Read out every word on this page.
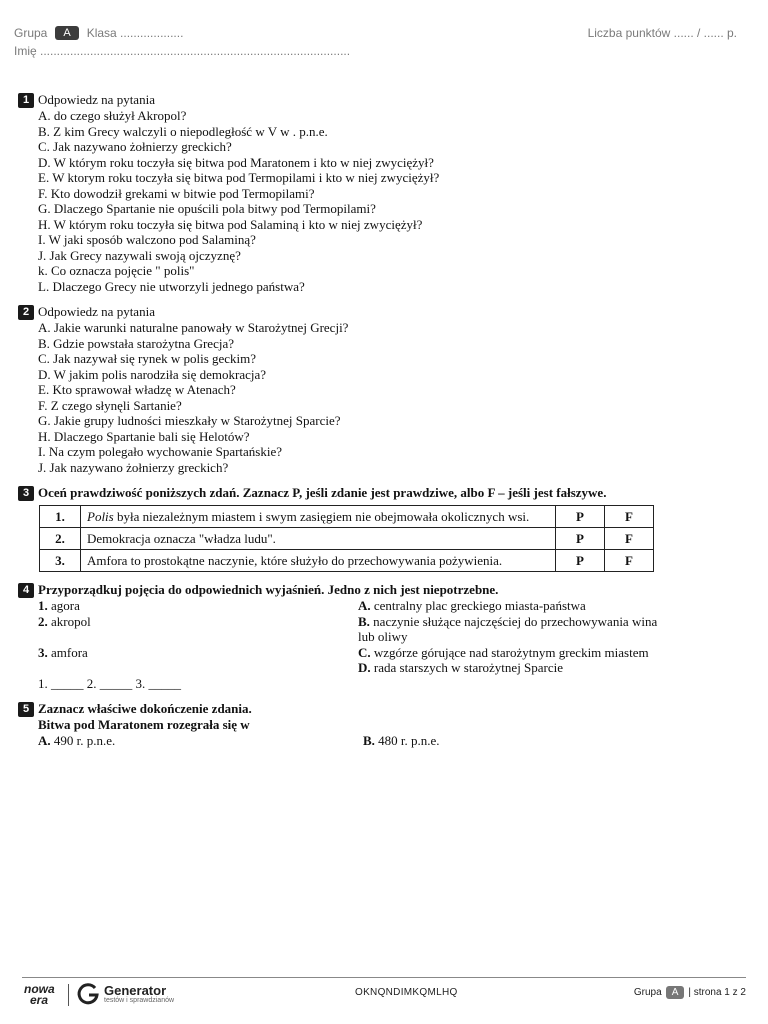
Grupa	A	Klasa ...................	Liczba punktów ...... / ...... p.
Imię .............................................................................................
1 Odpowiedz na pytania
A. do czego służył Akropol?
B. Z kim Grecy walczyli o niepodległość w V w . p.n.e.
C. Jak nazywano żołnierzy greckich?
D. W którym roku toczyła się bitwa pod Maratonem i kto w niej zwyciężył?
E. W ktorym roku toczyła się bitwa pod Termopilami i kto w niej zwyciężył?
F. Kto dowodził grekami w bitwie pod Termopilami?
G. Dlaczego Spartanie nie opuścili pola bitwy pod Termopilami?
H. W którym roku toczyła się bitwa pod Salaminą i kto w niej zwyciężył?
I. W jaki sposób walczono pod Salaminą?
J. Jak Grecy nazywali swoją ojczyznę?
k. Co oznacza pojęcie " polis"
L. Dlaczego Grecy nie utworzyli jednego państwa?
2 Odpowiedz na pytania
A. Jakie warunki naturalne panowały w Starożytnej Grecji?
B. Gdzie powstała starożytna Grecja?
C. Jak nazywał się rynek w polis geckim?
D. W jakim polis narodziła się demokracja?
E. Kto sprawował władzę w Atenach?
F. Z czego słynęli Sartanie?
G. Jakie grupy ludności mieszkały w Starożytnej Sparcie?
H. Dlaczego Spartanie bali się Helotów?
I. Na czym polegało wychowanie Spartańskie?
J. Jak nazywano żołnierzy greckich?
3 Oceń prawdziwość poniższych zdań. Zaznacz P, jeśli zdanie jest prawdziwe, albo F – jeśli jest fałszywe.
1.	Polis była niezależnym miastem i swym zasięgiem nie obejmowała okolicznych wsi.	P	F
2.	Demokracja oznacza "władza ludu".	P	F
3.	Amfora to prostokątne naczynie, które służyło do przechowywania pożywienia.	P	F
4 Przyporządkuj pojęcia do odpowiednich wyjaśnień. Jedno z nich jest niepotrzebne.
1. agora	A. centralny plac greckiego miasta-państwa
2. akropol	B. naczynie służące najczęściej do przechowywania wina lub oliwy
3. amfora	C. wzgórze górujące nad starożytnym greckim miastem
D. rada starszych w starożytnej Sparcie
1. _____ 2. _____ 3. _____
5 Zaznacz właściwe dokończenie zdania.
Bitwa pod Maratonem rozegrała się w
A. 490 r. p.n.e.	B. 480 r. p.n.e.
nowa
era
Generator
testów i sprawdzianów
OKNQNDIMKQMLHQ	Grupa	A	| strona 1 z 2
